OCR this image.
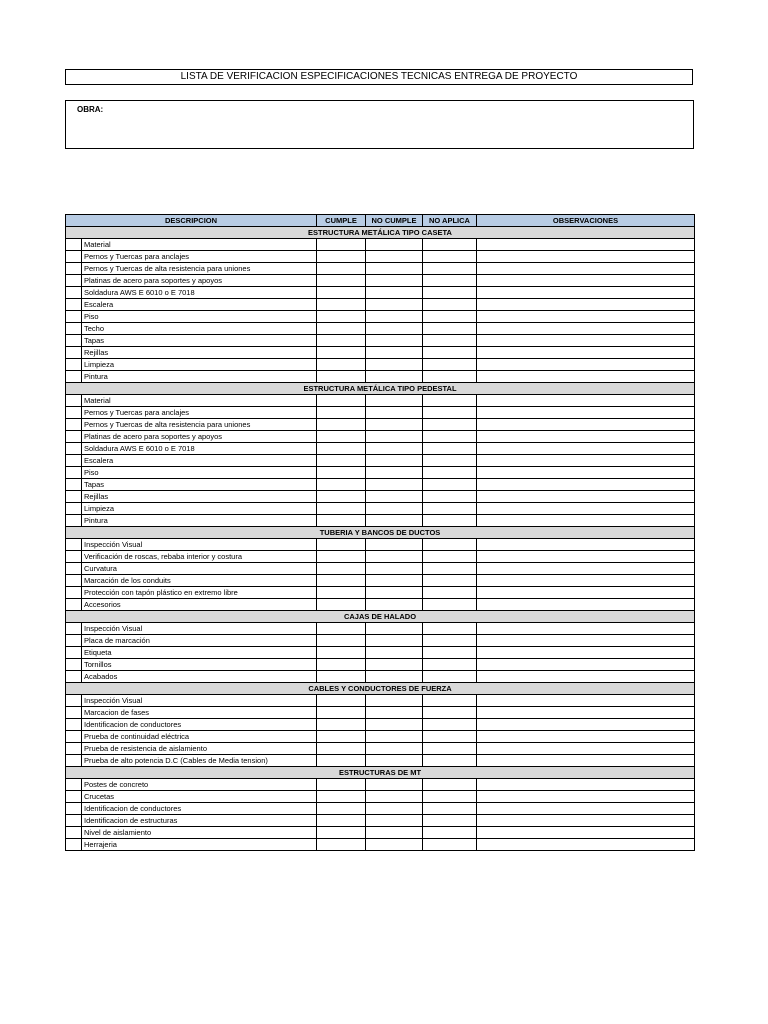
LISTA DE VERIFICACION ESPECIFICACIONES TECNICAS ENTREGA DE PROYECTO
OBRA:
DESCRIPCION		CUMPLE	NO CUMPLE	NO APLICA	OBSERVACIONES
ESTRUCTURA METÁLICA TIPO CASETA					
	Material				
	Pernos y Tuercas para anclajes				
	Pernos y Tuercas de alta resistencia para uniones				
	Platinas de acero para soportes y apoyos				
	Soldadura AWS E 6010 o E 7018				
	Escalera				
	Piso				
	Techo				
	Tapas				
	Rejillas				
	Limpieza				
	Pintura				
ESTRUCTURA METÁLICA TIPO PEDESTAL					
	Material				
	Pernos y Tuercas para anclajes				
	Pernos y Tuercas de alta resistencia para uniones				
	Platinas de acero para soportes y apoyos				
	Soldadura AWS E 6010 o E 7018				
	Escalera				
	Piso				
	Tapas				
	Rejillas				
	Limpieza				
	Pintura				
TUBERIA Y BANCOS DE DUCTOS					
	Inspección Visual				
	Verificación de roscas, rebaba interior y costura				
	Curvatura				
	Marcación de los conduits				
	Protección con tapón plástico en extremo libre				
	Accesorios				
CAJAS DE HALADO					
	Inspección Visual				
	Placa de marcación				
	Etiqueta				
	Tornillos				
	Acabados				
CABLES Y CONDUCTORES DE FUERZA					
	Inspección Visual				
	Marcacion de fases				
	Identificacion de conductores				
	Prueba de continuidad eléctrica				
	Prueba de resistencia de aislamiento				
	Prueba de alto potencia D.C (Cables de Media tension)				
ESTRUCTURAS DE MT					
	Postes de concreto				
	Crucetas				
	Identificacion de conductores				
	Identificacion de estructuras				
	Nivel de aislamiento				
	Herrajeria				
